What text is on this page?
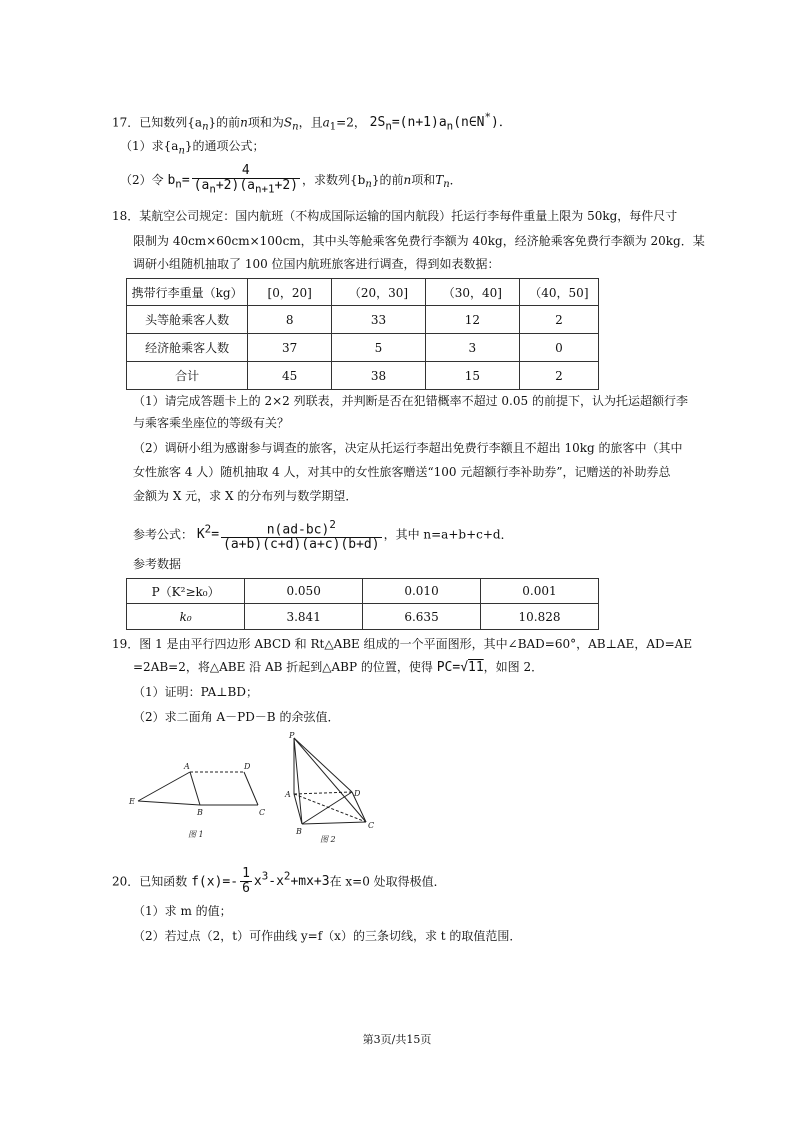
17．已知数列$\{a_n\}$的前n项和为$S_n$，且$a_1=2$， $2S_n=(n+1)a_n(n\in N^*)$．
（1）求$\{a_n\}$的通项公式；
（2）令 $b_n= \frac{4}{(a_n+2)(a_{n+1}+2)}$ ，求数列$\{b_n\}$的前n项和$T_n$．
18．某航空公司规定：国内航班（不构成国际运输的国内航段）托运行李每件重量上限为 50kg，每件尺寸
限制为 40cm×60cm×100cm，其中头等舱乘客免费行李额为 40kg，经济舱乘客免费行李额为 20kg．某
调研小组随机抽取了 100 位国内航班旅客进行调查，得到如表数据：
携带行李重量（kg）	[0，20]	（20，30]	（30，40]	（40，50]
头等舱乘客人数	8	33	12	2
经济舱乘客人数	37	5	3	0
合计	45	38	15	2
（1）请完成答题卡上的 2×2 列联表，并判断是否在犯错概率不超过 0.05 的前提下，认为托运超额行李
与乘客乘坐座位的等级有关？
（2）调研小组为感谢参与调查的旅客，决定从托运行李超出免费行李额且不超出 10kg 的旅客中（其中
女性旅客 4 人）随机抽取 4 人，对其中的女性旅客赠送“100 元超额行李补助券”，记赠送的补助券总
金额为 X 元，求 X 的分布列与数学期望．
参考公式： $K^2= \frac{n(ad-bc)^2}{(a+b)(c+d)(a+c)(b+d)}$ ，其中 n=a+b+c+d．
参考数据
P（K²≥k₀）	0.050	0.010	0.001
k₀	3.841	6.635	10.828
19．图 1 是由平行四边形 ABCD 和 Rt△ABE 组成的一个平面图形，其中∠BAD=60°，AB⊥AE，AD=AE
=2AB=2，将△ABE 沿 AB 折起到△ABP 的位置，使得 PC=√11，如图 2．
（1）证明：PA⊥BD；
（2）求二面角 A－PD－B 的余弦值．
A	D
E
B	C
图 1
P
A	D
B
C
图 2
20．已知函数 $f(x)=- \frac{1}{6} x^3-x^2+mx+3$在 x=0 处取得极值．
（1）求 m 的值；
（2）若过点（2，t）可作曲线 y=f（x）的三条切线，求 t 的取值范围．
第3页/共15页
